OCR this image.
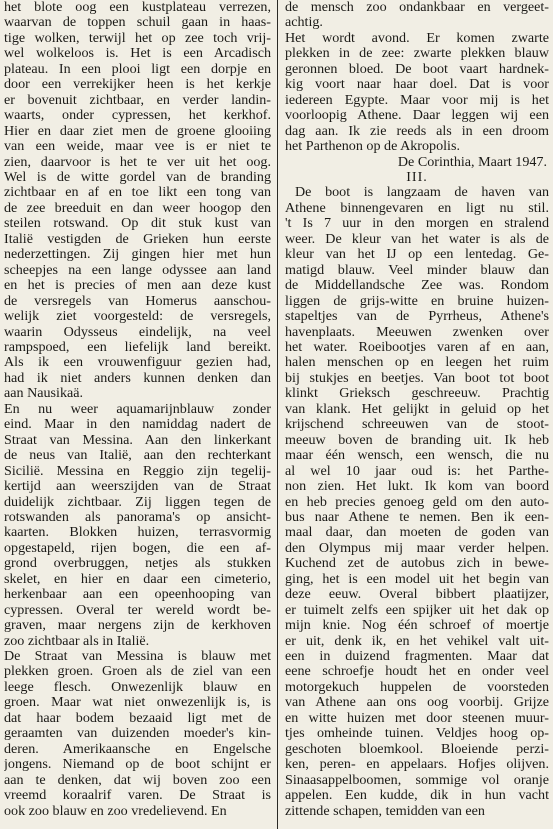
het blote oog een kustplateau verrezen,
waarvan de toppen schuil gaan in haas-
tige wolken, terwijl het op zee toch vrij-
wel wolkeloos is. Het is een Arcadisch
plateau. In een plooi ligt een dorpje en
door een verrekijker heen is het kerkje
er bovenuit zichtbaar, en verder landin-
waarts, onder cypressen, het kerkhof.
Hier en daar ziet men de groene glooiing
van een weide, maar vee is er niet te
zien, daarvoor is het te ver uit het oog.
Wel is de witte gordel van de branding
zichtbaar en af en toe likt een tong van
de zee breeduit en dan weer hoogop den
steilen rotswand. Op dit stuk kust van
Italië vestigden de Grieken hun eerste
nederzettingen. Zij gingen hier met hun
scheepjes na een lange odyssee aan land
en het is precies of men aan deze kust
de versregels van Homerus aanschou-
welijk ziet voorgesteld: de versregels,
waarin Odysseus eindelijk, na veel
rampspoed, een liefelijk land bereikt.
Als ik een vrouwenfiguur gezien had,
had ik niet anders kunnen denken dan
aan Nausikaä.
En nu weer aquamarijnblauw zonder
eind. Maar in den namiddag nadert de
Straat van Messina. Aan den linkerkant
de neus van Italië, aan den rechterkant
Sicilië. Messina en Reggio zijn tegelij-
kertijd aan weerszijden van de Straat
duidelijk zichtbaar. Zij liggen tegen de
rotswanden als panorama's op ansicht-
kaarten. Blokken huizen, terrasvormig
opgestapeld, rijen bogen, die een af-
grond overbruggen, netjes als stukken
skelet, en hier en daar een cimeterio,
herkenbaar aan een opeenhooping van
cypressen. Overal ter wereld wordt be-
graven, maar nergens zijn de kerkhoven
zoo zichtbaar als in Italië.
De Straat van Messina is blauw met
plekken groen. Groen als de ziel van een
leege flesch. Onwezenlijk blauw en
groen. Maar wat niet onwezenlijk is, is
dat haar bodem bezaaid ligt met de
geraamten van duizenden moeder's kin-
deren. Amerikaansche en Engelsche
jongens. Niemand op de boot schijnt er
aan te denken, dat wij boven zoo een
vreemd koraalrif varen. De Straat is
ook zoo blauw en zoo vredelievend. En
de mensch zoo ondankbaar en vergeet-
achtig.
Het wordt avond. Er komen zwarte
plekken in de zee: zwarte plekken blauw
geronnen bloed. De boot vaart hardnek-
kig voort naar haar doel. Dat is voor
iedereen Egypte. Maar voor mij is het
voorloopig Athene. Daar leggen wij een
dag aan. Ik zie reeds als in een droom
het Parthenon op de Akropolis.
De Corinthia, Maart 1947.
III.
De boot is langzaam de haven van
Athene binnengevaren en ligt nu stil.
't Is 7 uur in den morgen en stralend
weer. De kleur van het water is als de
kleur van het IJ op een lentedag. Ge-
matigd blauw. Veel minder blauw dan
de Middellandsche Zee was. Rondom
liggen de grijs-witte en bruine huizen-
stapeltjes van de Pyrrheus, Athene's
havenplaats. Meeuwen zwenken over
het water. Roeibootjes varen af en aan,
halen menschen op en leegen het ruim
bij stukjes en beetjes. Van boot tot boot
klinkt Grieksch geschreeuw. Prachtig
van klank. Het gelijkt in geluid op het
krijschend schreeuwen van de stoot-
meeuw boven de branding uit. Ik heb
maar één wensch, een wensch, die nu
al wel 10 jaar oud is: het Parthe-
non zien. Het lukt. Ik kom van boord
en heb precies genoeg geld om den auto-
bus naar Athene te nemen. Ben ik een-
maal daar, dan moeten de goden van
den Olympus mij maar verder helpen.
Kuchend zet de autobus zich in bewe-
ging, het is een model uit het begin van
deze eeuw. Overal bibbert plaatijzer,
er tuimelt zelfs een spijker uit het dak op
mijn knie. Nog één schroef of moertje
er uit, denk ik, en het vehikel valt uit-
een in duizend fragmenten. Maar dat
eene schroefje houdt het en onder veel
motorgekuch huppelen de voorsteden
van Athene aan ons oog voorbij. Grijze
en witte huizen met door steenen muur-
tjes omheinde tuinen. Veldjes hoog op-
geschoten bloemkool. Bloeiende perzi-
ken, peren- en appelaars. Hofjes olijven.
Sinaasappelboomen, sommige vol oranje
appelen. Een kudde, dik in hun vacht
zittende schapen, temidden van een
